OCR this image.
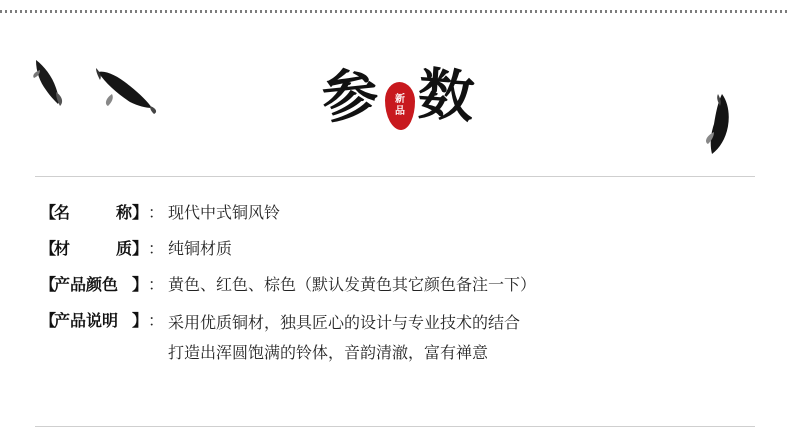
参 新
品 数
【
名	称 】 ： 现代中式铜风铃
【
材	质 】 ： 纯铜材质
【
产品颜色 】 ： 黄色、红色、棕色（默认发黄色其它颜色备注一下）
【
产品说明 】 ： 采用优质铜材，独具匠心的设计与专业技术的结合
打造出浑圆饱满的铃体，音韵清澈，富有禅意
